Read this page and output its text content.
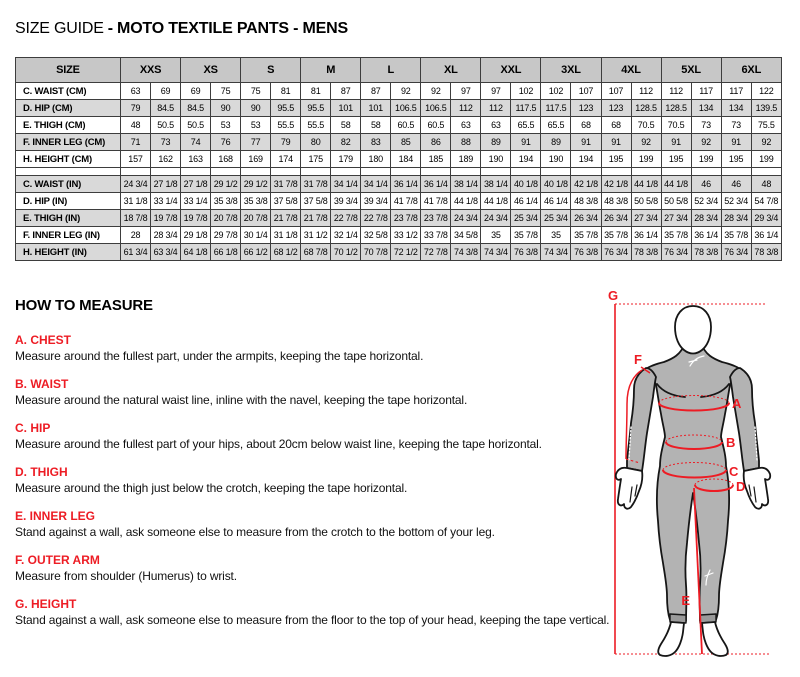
SIZE GUIDE - MOTO TEXTILE PANTS - MENS
SIZE	XXS		XS		S		M		L		XL		XXL		3XL		4XL		5XL		6XL	
C. WAIST (CM)	63	69	69	75	75	81	81	87	87	92	92	97	97	102	102	107	107	112	112	117	117	122
D. HIP (CM)	79	84.5	84.5	90	90	95.5	95.5	101	101	106.5	106.5	112	112	117.5	117.5	123	123	128.5	128.5	134	134	139.5
E. THIGH (CM)	48	50.5	50.5	53	53	55.5	55.5	58	58	60.5	60.5	63	63	65.5	65.5	68	68	70.5	70.5	73	73	75.5
F. INNER LEG (CM)	71	73	74	76	77	79	80	82	83	85	86	88	89	91	89	91	91	92	91	92	91	92
H. HEIGHT (CM)	157	162	163	168	169	174	175	179	180	184	185	189	190	194	190	194	195	199	195	199	195	199

C. WAIST (IN)	24 3/4	27 1/8	27 1/8	29 1/2	29 1/2	31 7/8	31 7/8	34 1/4	34 1/4	36 1/4	36 1/4	38 1/4	38 1/4	40 1/8	40 1/8	42 1/8	42 1/8	44 1/8	44 1/8	46	46	48
D. HIP (IN)	31 1/8	33 1/4	33 1/4	35 3/8	35 3/8	37 5/8	37 5/8	39 3/4	39 3/4	41 7/8	41 7/8	44 1/8	44 1/8	46 1/4	46 1/4	48 3/8	48 3/8	50 5/8	50 5/8	52 3/4	52 3/4	54 7/8
E. THIGH (IN)	18 7/8	19 7/8	19 7/8	20 7/8	20 7/8	21 7/8	21 7/8	22 7/8	22 7/8	23 7/8	23 7/8	24 3/4	24 3/4	25 3/4	25 3/4	26 3/4	26 3/4	27 3/4	27 3/4	28 3/4	28 3/4	29 3/4
F. INNER LEG (IN)	28	28 3/4	29 1/8	29 7/8	30 1/4	31 1/8	31 1/2	32 1/4	32 5/8	33 1/2	33 7/8	34 5/8	35	35 7/8	35	35 7/8	35 7/8	36 1/4	35 7/8	36 1/4	35 7/8	36 1/4
H. HEIGHT (IN)	61 3/4	63 3/4	64 1/8	66 1/8	66 1/2	68 1/2	68 7/8	70 1/2	70 7/8	72 1/2	72 7/8	74 3/8	74 3/4	76 3/8	74 3/4	76 3/8	76 3/4	78 3/8	76 3/4	78 3/8	76 3/4	78 3/8
HOW TO MEASURE
A. CHEST

Measure around the fullest part, under the armpits, keeping the tape horizontal.

B. WAIST

Measure around the natural waist line, inline with the navel, keeping the tape horizontal.

C. HIP

Measure around the fullest part of your hips, about 20cm below waist line, keeping the tape horizontal.

D. THIGH

Measure around the thigh just below the crotch, keeping the tape horizontal.

E. INNER LEG

Stand against a wall, ask someone else to measure from the crotch to the bottom of your leg.

F. OUTER ARM

Measure from shoulder (Humerus) to wrist.

G. HEIGHT

Stand against a wall, ask someone else to measure from the floor to the top of your head, keeping the tape vertical.

G
F
A
B
C
D
E
